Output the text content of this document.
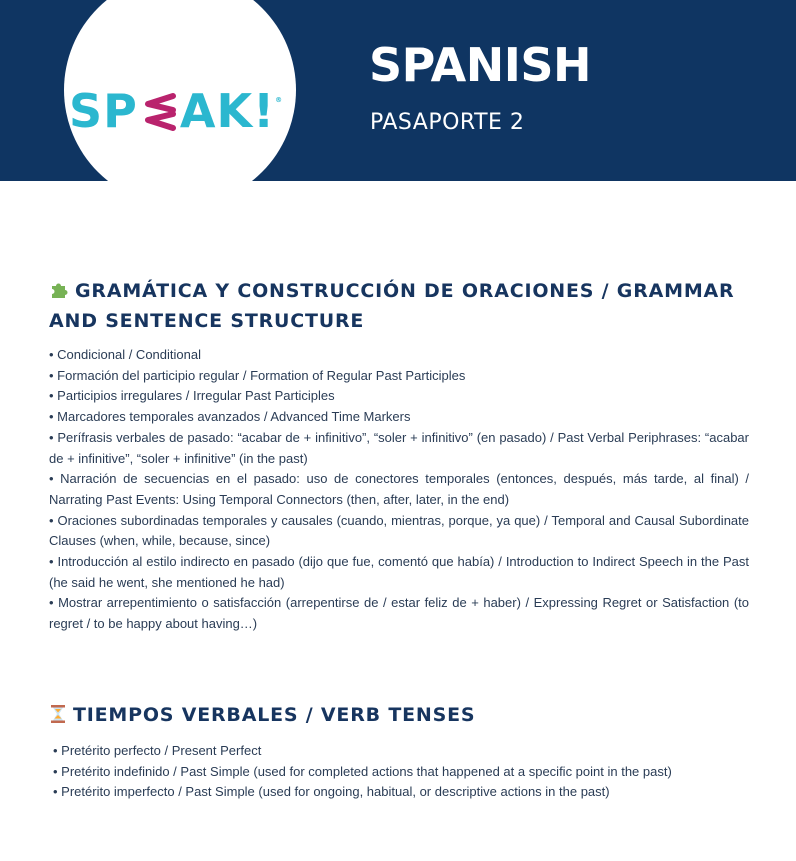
SP AK! ®
SPANISH
PASAPORTE 2
GRAMÁTICA Y CONSTRUCCIÓN DE ORACIONES / GRAMMAR AND SENTENCE STRUCTURE
• Condicional / Conditional
• Formación del participio regular / Formation of Regular Past Participles
• Participios irregulares / Irregular Past Participles
• Marcadores temporales avanzados / Advanced Time Markers
• Perífrasis verbales de pasado: “acabar de + infinitivo”, “soler + infinitivo” (en pasado) / Past Verbal Periphrases: “acabar de + infinitive”, “soler + infinitive” (in the past)
• Narración de secuencias en el pasado: uso de conectores temporales (entonces, después, más tarde, al final) / Narrating Past Events: Using Temporal Connectors (then, after, later, in the end)
• Oraciones subordinadas temporales y causales (cuando, mientras, porque, ya que) / Temporal and Causal Subordinate Clauses (when, while, because, since)
• Introducción al estilo indirecto en pasado (dijo que fue, comentó que había) / Introduction to Indirect Speech in the Past (he said he went, she mentioned he had)
• Mostrar arrepentimiento o satisfacción (arrepentirse de / estar feliz de + haber) / Expressing Regret or Satisfaction (to regret / to be happy about having…)
TIEMPOS VERBALES / VERB TENSES
• Pretérito perfecto / Present Perfect
• Pretérito indefinido / Past Simple (used for completed actions that happened at a specific point in the past)
• Pretérito imperfecto / Past Simple (used for ongoing, habitual, or descriptive actions in the past)
